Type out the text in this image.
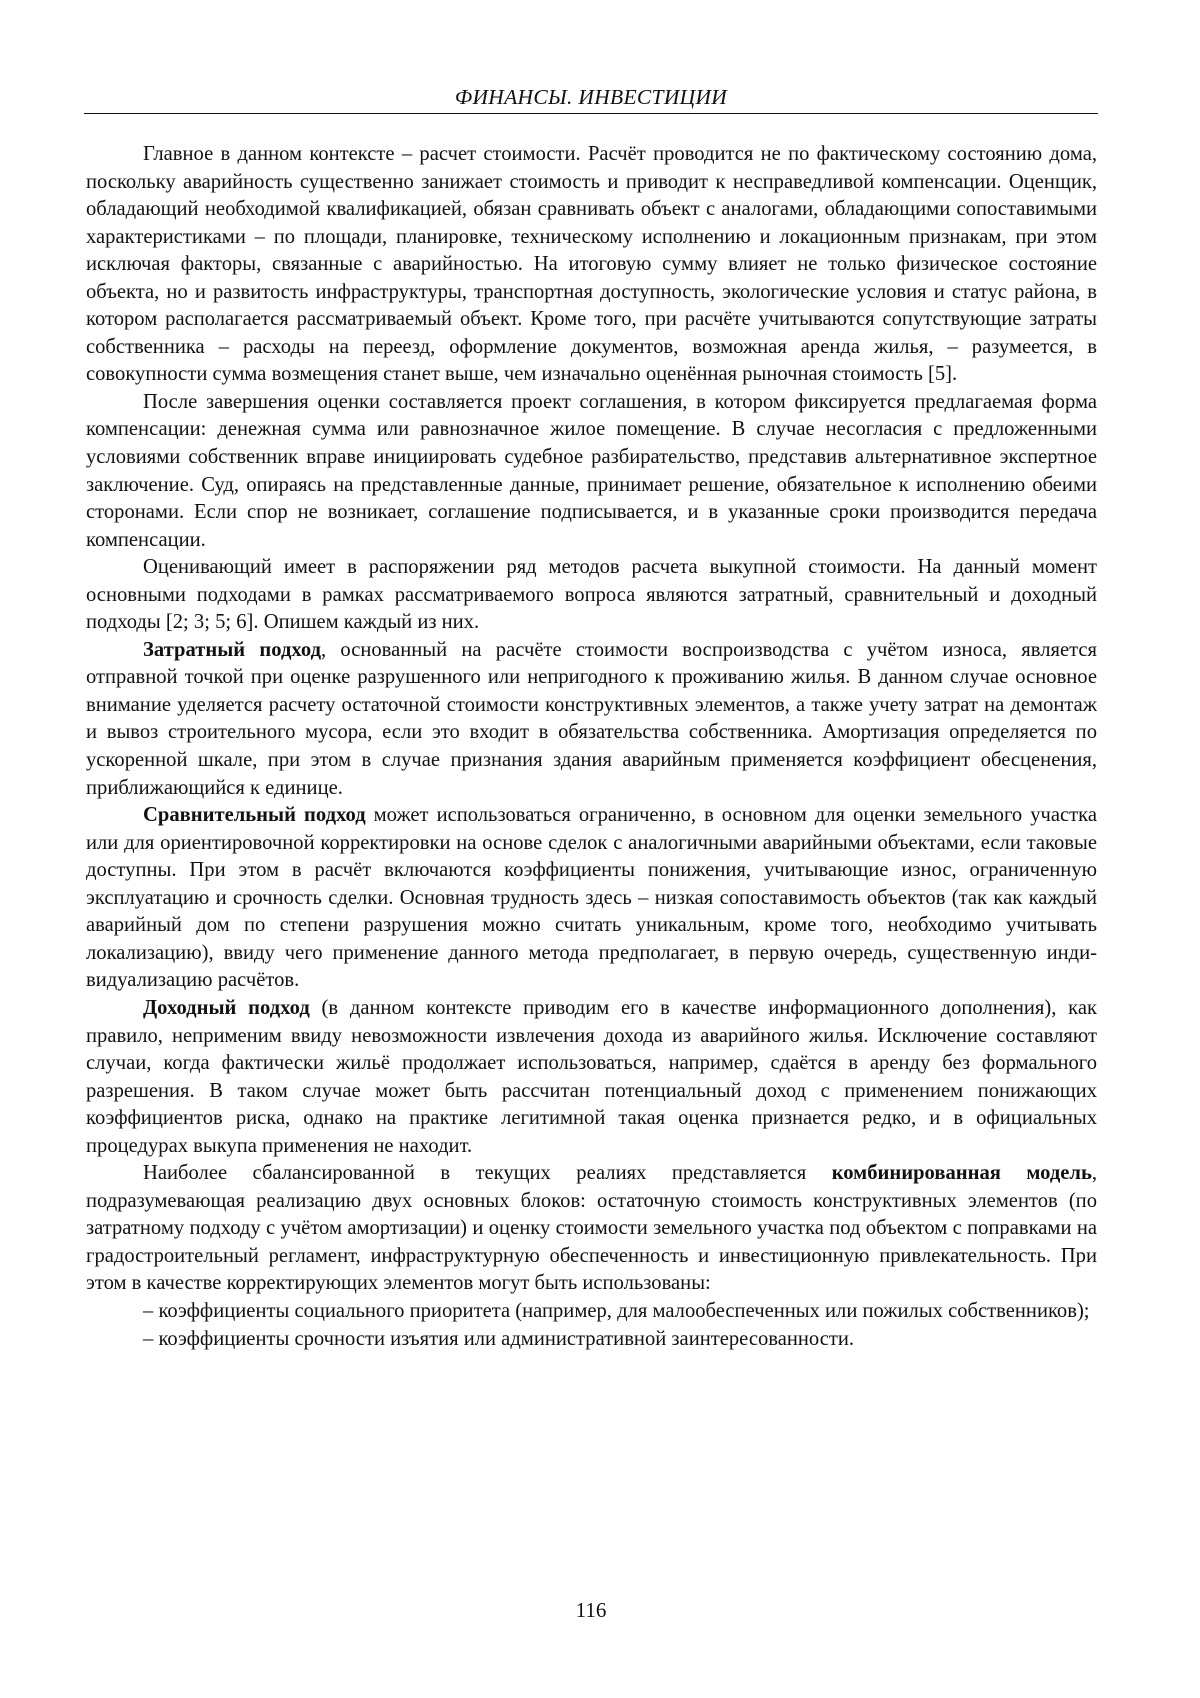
ФИНАНСЫ. ИНВЕСТИЦИИ

Главное в данном контексте – расчет стоимости. Расчёт проводится не по фактическому состоянию дома, поскольку аварийность существенно занижает стоимость и приводит к не­справедливой компенсации. Оценщик, обладающий необходимой квалификацией, обязан срав­нивать объект с аналогами, обладающими сопоставимыми характеристиками – по площади, планировке, техническому исполнению и локационным признакам, при этом исключая факто­ры, связанные с аварийностью. На итоговую сумму влияет не только физическое состояние объекта, но и развитость инфраструктуры, транспортная доступность, экологические условия и статус района, в котором располагается рассматриваемый объект. Кроме того, при расчёте учи­тываются сопутствующие затраты собственника – расходы на переезд, оформление документов, возможная аренда жилья, – разумеется, в совокупности сумма возмещения станет выше, чем изначально оценённая рыночная стоимость [5].

После завершения оценки составляется проект соглашения, в котором фиксируется пред­лагаемая форма компенсации: денежная сумма или равнозначное жилое помещение. В случае несогласия с предложенными условиями собственник вправе инициировать судебное разбира­тельство, представив альтернативное экспертное заключение. Суд, опираясь на представленные данные, принимает решение, обязательное к исполнению обеими сторонами. Если спор не воз­никает, соглашение подписывается, и в указанные сроки производится передача компенсации.

Оценивающий имеет в распоряжении ряд методов расчета выкупной стоимости. На дан­ный момент основными подходами в рамках рассматриваемого вопроса являются затратный, сравнительный и доходный подходы [2; 3; 5; 6]. Опишем каждый из них.

Затратный подход, основанный на расчёте стоимости воспроизводства с учётом износа, является отправной точкой при оценке разрушенного или непригодного к проживанию жилья. В данном случае основное внимание уделяется расчету остаточной стоимости конструктивных элементов, а также учету затрат на демонтаж и вывоз строительного мусора, если это входит в обязательства собственника. Амортизация определяется по ускоренной шкале, при этом в слу­чае признания здания аварийным применяется коэффициент обесценения, приближающийся к единице.

Сравнительный подход может использоваться ограниченно, в основном для оценки зе­мельного участка или для ориентировочной корректировки на основе сделок с аналогичными аварийными объектами, если таковые доступны. При этом в расчёт включаются коэффициенты понижения, учитывающие износ, ограниченную эксплуатацию и срочность сделки. Основная трудность здесь – низкая сопоставимость объектов (так как каждый аварийный дом по степени разрушения можно считать уникальным, кроме того, необходимо учитывать локализацию), ввиду чего применение данного метода предполагает, в первую очередь, существенную инди­видуализацию расчётов.

Доходный подход (в данном контексте приводим его в качестве информационного до­полнения), как правило, неприменим ввиду невозможности извлечения дохода из аварийного жилья. Исключение составляют случаи, когда фактически жильё продолжает использоваться, например, сдаётся в аренду без формального разрешения. В таком случае может быть рассчитан потенциальный доход с применением понижающих коэффициентов риска, однако на практике легитимной такая оценка признается редко, и в официальных процедурах выкупа применения не находит.

Наиболее сбалансированной в текущих реалиях представляется комбинированная мо­дель, подразумевающая реализацию двух основных блоков: остаточную стоимость конструк­тивных элементов (по затратному подходу с учётом амортизации) и оценку стоимости земель­ного участка под объектом с поправками на градостроительный регламент, инфраструктурную обеспеченность и инвестиционную привлекательность. При этом в качестве корректирующих элементов могут быть использованы:

– коэффициенты социального приоритета (например, для малообеспеченных или пожилых собственников);

– коэффициенты срочности изъятия или административной заинтересованности.

116
